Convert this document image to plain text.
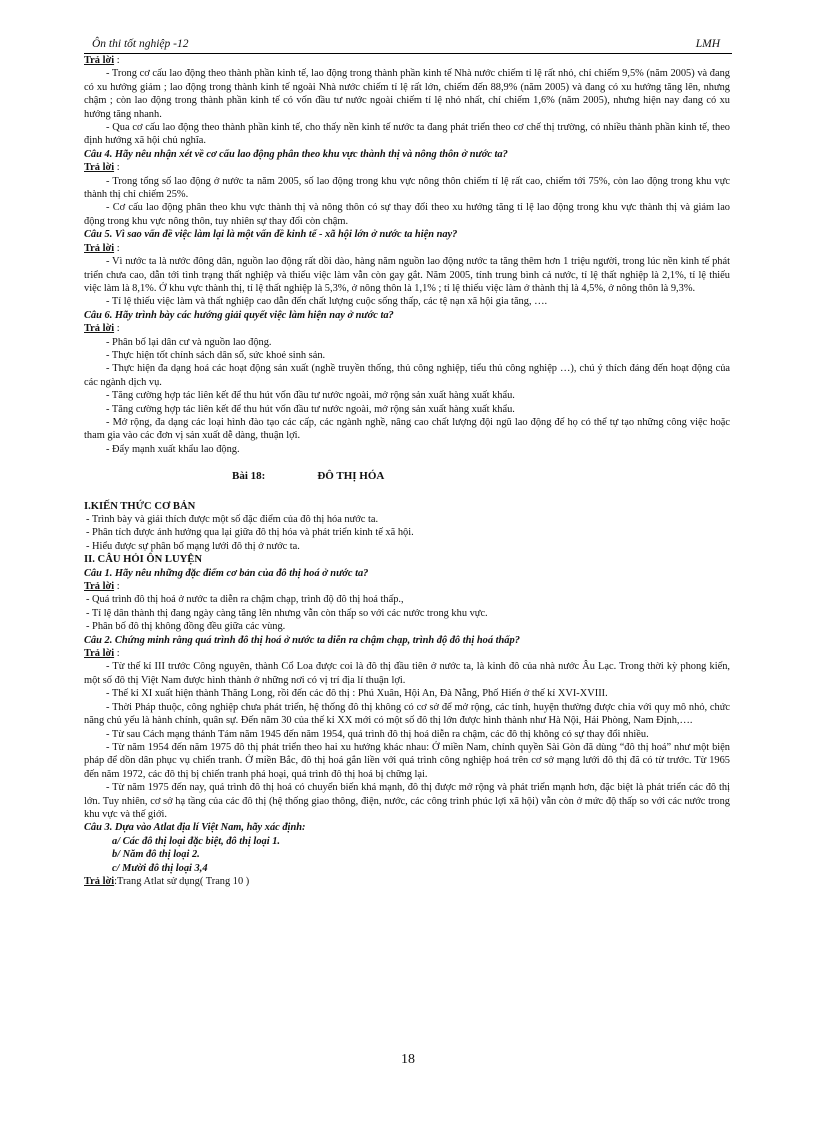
Ôn thi tốt nghiệp -12	LMH

Trả lời :

- Trong cơ cấu lao động theo thành phần kinh tế, lao động trong thành phần kinh tế Nhà nước chiếm tỉ lệ rất nhỏ, chỉ chiếm 9,5% (năm 2005) và đang có xu hướng giảm ; lao động trong thành kinh tế ngoài Nhà nước chiếm tỉ lệ rất lớn, chiếm đến 88,9% (năm 2005) và đang có xu hướng tăng lên, nhưng chậm ; còn lao động trong thành phần kinh tế có vốn đầu tư nước ngoài chiếm tỉ lệ nhỏ nhất, chỉ chiếm 1,6% (năm 2005), nhưng hiện nay đang có xu hướng tăng nhanh.

- Qua cơ cấu lao động theo thành phần kinh tế, cho thấy nền kinh tế nước ta đang phát triển theo cơ chế thị trường, có nhiều thành phần kinh tế, theo định hướng xã hội chủ nghĩa.

Câu 4. Hãy nêu nhận xét về cơ cấu lao động phân theo khu vực thành thị và nông thôn ở nước ta?

Trả lời :

- Trong tổng số lao động ở nước ta năm 2005, số lao động trong khu vực nông thôn chiếm tỉ lệ rất cao, chiếm tới 75%, còn lao động trong khu vực thành thị chỉ chiếm 25%.

- Cơ cấu lao động phân theo khu vực thành thị và nông thôn có sự thay đổi theo xu hướng tăng tỉ lệ lao động trong khu vực thành thị và giảm lao động trong khu vực nông thôn, tuy nhiên sự thay đổi còn chậm.

Câu 5. Vì sao vấn đề việc làm lại là một vấn đề kinh tế - xã hội lớn ở nước ta hiện nay?

Trả lời :

- Vì nước ta là nước đông dân, nguồn lao động rất dồi dào, hàng năm nguồn lao động nước ta tăng thêm hơn 1 triệu người, trong lúc nền kinh tế phát triển chưa cao, dẫn tới tình trạng thất nghiệp và thiếu việc làm vẫn còn gay gắt. Năm 2005, tính trung bình cả nước, tỉ lệ thất nghiệp là 2,1%, tỉ lệ thiếu việc làm là 8,1%. Ở khu vực thành thị, tỉ lệ thất nghiệp là 5,3%, ở nông thôn là 1,1% ; tỉ lệ thiếu việc làm ở thành thị là 4,5%, ở nông thôn là 9,3%.

- Tỉ lệ thiếu việc làm và thất nghiệp cao dẫn đến chất lượng cuộc sống thấp, các tệ nạn xã hội gia tăng, ….

Câu 6. Hãy trình bày các hướng giải quyết việc làm hiện nay ở nước ta?

Trả lời :

- Phân bố lại dân cư và nguồn lao động.

- Thực hiện tốt chính sách dân số, sức khoẻ sinh sản.

- Thực hiện đa dạng hoá các hoạt động sản xuất (nghề truyền thống, thủ công nghiệp, tiểu thủ công nghiệp …), chú ý thích đáng đến hoạt động của các ngành dịch vụ.

- Tăng cường hợp tác liên kết để thu hút vốn đầu tư nước ngoài, mở rộng sản xuất hàng xuất khẩu.

- Tăng cường hợp tác liên kết để thu hút vốn đầu tư nước ngoài, mở rộng sản xuất hàng xuất khẩu.

- Mở rộng, đa dạng các loại hình đào tạo các cấp, các ngành nghề, nâng cao chất lượng đội ngũ lao động để họ có thể tự tạo những công việc hoặc tham gia vào các đơn vị sản xuất dễ dàng, thuận lợi.

- Đẩy mạnh xuất khẩu lao động.

Bài 18:	ĐÔ THỊ HÓA

I.KIẾN THỨC CƠ BẢN

- Trình bày và giải thích được một số đặc điểm của đô thị hóa nước ta.

- Phân tích được ảnh hưởng qua lại giữa đô thị hóa và phát triển kinh tế xã hội.

- Hiểu được sự phân bố mạng lưới đô thị ở nước ta.

II. CÂU HỎI ÔN LUYỆN

Câu 1. Hãy nêu những đặc điểm cơ bản của đô thị hoá ở nước ta?

Trả lời :

- Quá trình đô thị hoá ở nước ta diễn ra chậm chạp, trình độ đô thị hoá thấp.,

- Tỉ lệ dân thành thị đang ngày càng tăng lên nhưng vẫn còn thấp so với các nước trong khu vực.

- Phân bố đô thị không đồng đều giữa các vùng.

Câu 2. Chứng minh rằng quá trình đô thị hoá ở nước ta diễn ra chậm chạp, trình độ đô thị hoá thấp?

Trả lời :

- Từ thế kỉ III trước Công nguyên, thành Cổ Loa được coi là đô thị đầu tiên ở nước ta, là kinh đô của nhà nước Âu Lạc. Trong thời kỳ phong kiến, một số đô thị Việt Nam được hình thành ở những nơi có vị trí địa lí thuận lợi.

- Thế kỉ XI xuất hiện thành Thăng Long, rồi đến các đô thị : Phú Xuân, Hội An, Đà Nẵng, Phố Hiến ở thế kỉ XVI-XVIII.

- Thời Pháp thuộc, công nghiệp chưa phát triển, hệ thống đô thị không có cơ sở để mở rộng, các tỉnh, huyện thường được chia với quy mô nhỏ, chức năng chủ yếu là hành chính, quân sự. Đến năm 30 của thế kỉ XX mới có một số đô thị lớn được hình thành như Hà Nội, Hải Phòng, Nam Định,….

- Từ sau Cách mạng thánh Tám năm 1945 đến năm 1954, quá trình đô thị hoá diễn ra chậm, các đô thị không có sự thay đổi nhiều.

- Từ năm 1954 đến năm 1975 đô thị phát triển theo hai xu hướng khác nhau: Ở miền Nam, chính quyền Sài Gòn đã dùng “đô thị hoá” như một biện pháp để dồn dân phục vụ chiến tranh. Ở miền Bắc, đô thị hoá gắn liền với quá trình công nghiệp hoá trên cơ sở mạng lưới đô thị đã có từ trước. Từ 1965 đến năm 1972, các đô thị bị chiến tranh phá hoại, quá trình đô thị hoá bị chững lại.

- Từ năm 1975 đến nay, quá trình đô thị hoá có chuyển biến khá mạnh, đô thị được mở rộng và phát triển mạnh hơn, đặc biệt là phát triển các đô thị lớn. Tuy nhiên, cơ sở hạ tầng của các đô thị (hệ thống giao thông, điện, nước, các công trình phúc lợi xã hội) vẫn còn ở mức độ thấp so với các nước trong khu vực và thế giới.

Câu 3. Dựa vào Atlat địa lí Việt Nam, hãy xác định:

a/ Các đô thị loại đặc biệt, đô thị loại 1.

b/ Năm đô thị loại 2.

c/ Mười đô thị loại 3,4

Trả lời:Trang Atlat sử dụng( Trang 10 )

18
